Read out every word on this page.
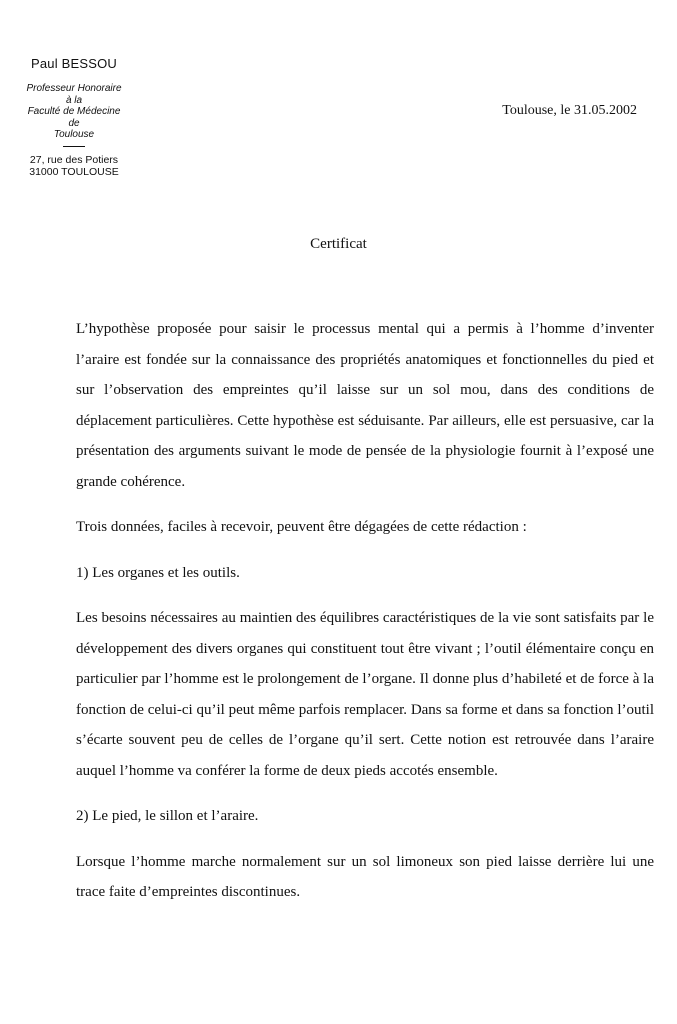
Paul BESSOU
Professeur Honoraire
à la
Faculté de Médecine
de
Toulouse
27, rue des Potiers
31000 TOULOUSE
Toulouse, le 31.05.2002
Certificat

L’hypothèse proposée pour saisir le processus mental qui a permis à l’homme d’inventer l’araire est fondée sur la connaissance des propriétés anatomiques et fonctionnelles du pied et sur l’observation des empreintes qu’il laisse sur un sol mou, dans des conditions de déplacement particulières. Cette hypothèse est séduisante. Par ailleurs, elle est persuasive, car la présentation des arguments suivant le mode de pensée de la physiologie fournit à l’exposé une grande cohérence.

Trois données, faciles à recevoir, peuvent être dégagées de cette rédaction :

1) Les organes et les outils.

Les besoins nécessaires au maintien des équilibres caractéristiques de la vie sont satisfaits par le développement des divers organes qui constituent tout être vivant ; l’outil élémentaire conçu en particulier par l’homme est le prolongement de l’organe. Il donne plus d’habileté et de force à la fonction de celui-ci qu’il peut même parfois remplacer. Dans sa forme et dans sa fonction l’outil s’écarte souvent peu de celles de l’organe qu’il sert. Cette notion est retrouvée dans l’araire auquel l’homme va conférer la forme de deux pieds accotés ensemble.

2) Le pied, le sillon et l’araire.

Lorsque l’homme marche normalement sur un sol limoneux son pied laisse derrière lui une trace faite d’empreintes discontinues.
